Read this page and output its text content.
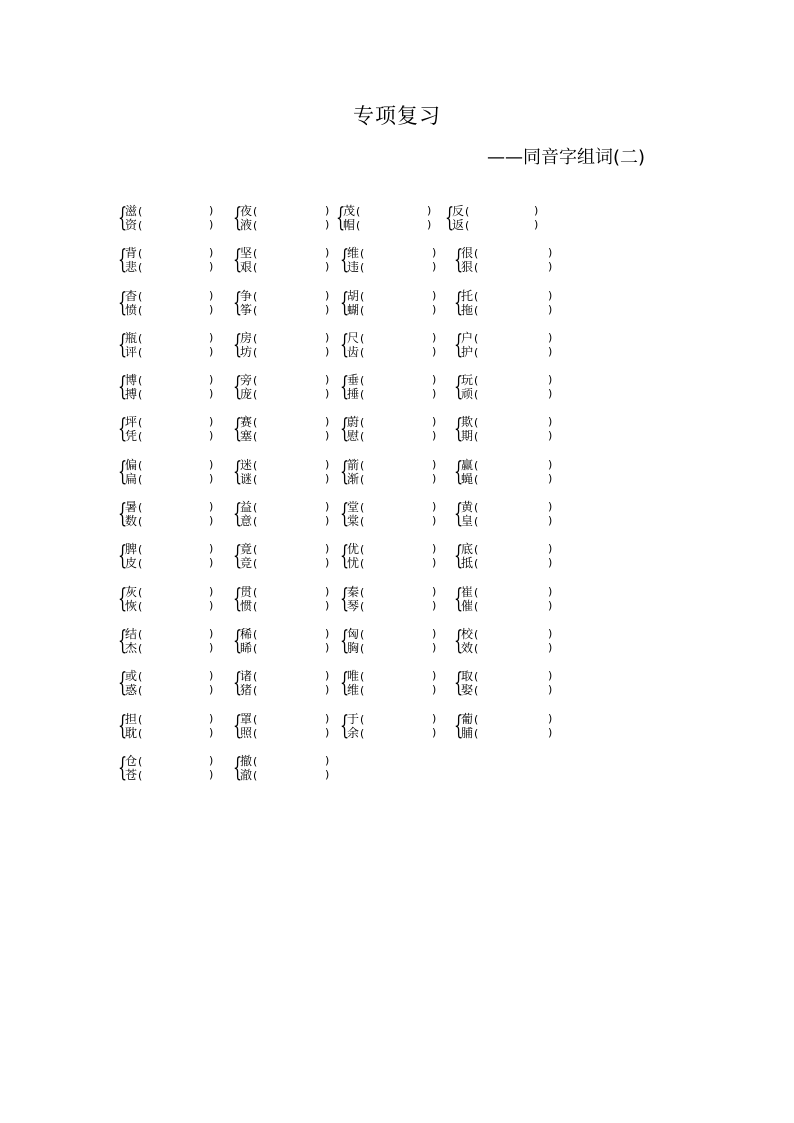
专项复习
——同音字组词(二)
{
滋(	)
资(	) {
夜(	)
液(	) {
茂(	)
帽(	) {
反(	)
返(	)
{
背(	)
悲(	) {
坚(	)
艰(	) {
维(	)
违(	) {
很(	)
狠(	)
{
杳(	)
愤(	) {
争(	)
筝(	) {
胡(	)
蝴(	) {
托(	)
拖(	)
{
瓶(	)
评(	) {
房(	)
坊(	) {
尺(	)
齿(	) {
户(	)
护(	)
{
博(	)
搏(	) {
旁(	)
庞(	) {
垂(	)
捶(	) {
玩(	)
顽(	)
{
坪(	)
凭(	) {
赛(	)
塞(	) {
蔚(	)
慰(	) {
欺(	)
期(	)
{
偏(	)
扁(	) {
迷(	)
谜(	) {
箭(	)
渐(	) {
赢(	)
蝇(	)
{
暑(	)
数(	) {
益(	)
意(	) {
堂(	)
棠(	) {
黄(	)
皇(	)
{
脾(	)
皮(	) {
竟(	)
竞(	) {
优(	)
忧(	) {
底(	)
抵(	)
{
灰(	)
恢(	) {
贯(	)
惯(	) {
秦(	)
琴(	) {
崔(	)
催(	)
{
结(	)
杰(	) {
稀(	)
睎(	) {
匈(	)
胸(	) {
校(	)
效(	)
{
或(	)
惑(	) {
诸(	)
猪(	) {
唯(	)
维(	) {
取(	)
娶(	)
{
担(	)
耽(	) {
罩(	)
照(	) {
于(	)
余(	) {
葡(	)
脯(	)
{
仓(	)
苍(	) {
撤(	)
澈(	)
